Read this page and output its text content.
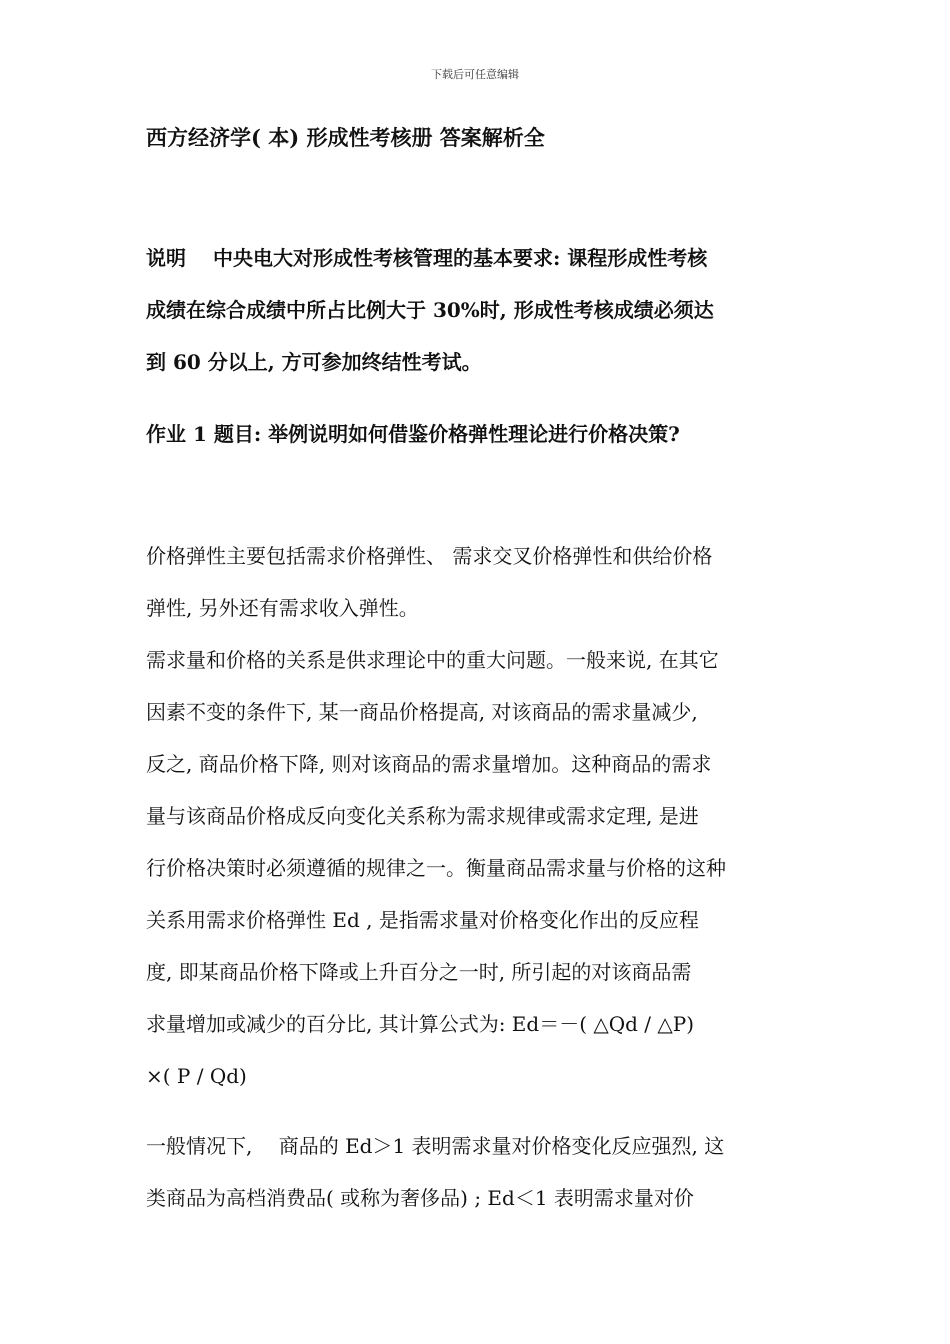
下载后可任意编辑
西方经济学( 本) 形成性考核册 答案解析全
说明　 中央电大对形成性考核管理的基本要求: 课程形成性考核
成绩在综合成绩中所占比例大于 30%时, 形成性考核成绩必须达
到 60 分以上, 方可参加终结性考试。
作业 1 题目: 举例说明如何借鉴价格弹性理论进行价格决策?
价格弹性主要包括需求价格弹性、 需求交叉价格弹性和供给价格
弹性, 另外还有需求收入弹性。
需求量和价格的关系是供求理论中的重大问题。一般来说, 在其它
因素不变的条件下, 某一商品价格提高, 对该商品的需求量减少,
反之, 商品价格下降, 则对该商品的需求量增加。这种商品的需求
量与该商品价格成反向变化关系称为需求规律或需求定理, 是进
行价格决策时必须遵循的规律之一。衡量商品需求量与价格的这种
关系用需求价格弹性 Ed , 是指需求量对价格变化作出的反应程
度, 即某商品价格下降或上升百分之一时, 所引起的对该商品需
求量增加或减少的百分比, 其计算公式为: Ed＝－( △Qd / △P)
×( P / Qd)
一般情况下, 　商品的 Ed＞1 表明需求量对价格变化反应强烈, 这
类商品为高档消费品( 或称为奢侈品) ; Ed＜1 表明需求量对价
